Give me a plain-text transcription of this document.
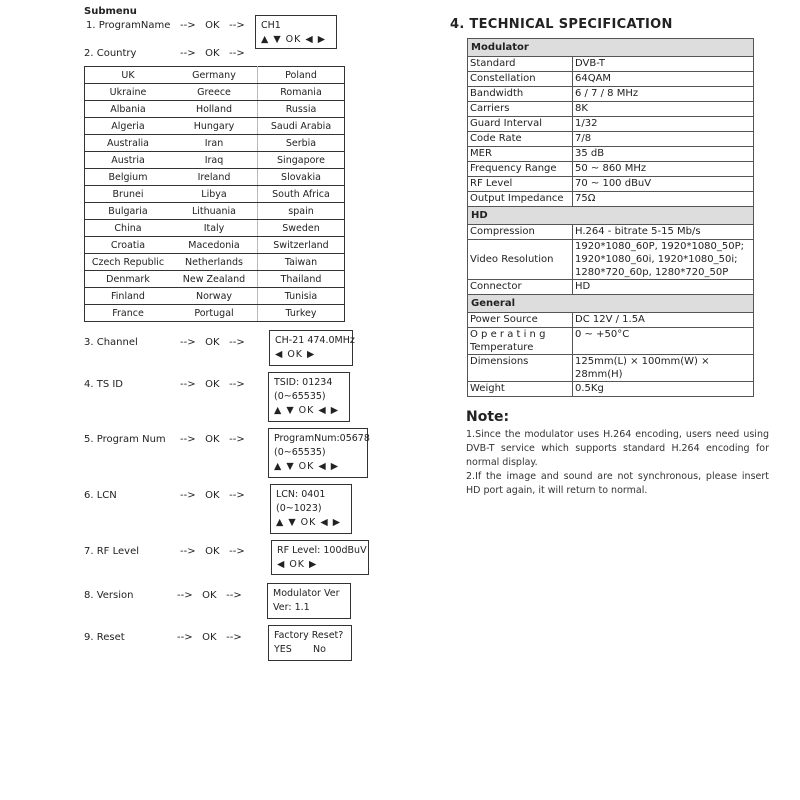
Submenu
1. ProgramName -->   OK   --> CH1
▲ ▼ OK ◀ ▶
2. Country	-->   OK   -->
UK	Germany	Poland
Ukraine	Greece	Romania
Albania	Holland	Russia
Algeria	Hungary	Saudi Arabia
Australia	Iran	Serbia
Austria	Iraq	Singapore
Belgium	Ireland	Slovakia
Brunei	Libya	South Africa
Bulgaria	Lithuania	spain
China	Italy	Sweden
Croatia	Macedonia	Switzerland
Czech Republic	Netherlands	Taiwan
Denmark	New Zealand	Thailand
Finland	Norway	Tunisia
France	Portugal	Turkey
3. Channel	-->   OK   -->	CH-21 474.0MHz
◀ OK ▶
4. TS ID	-->   OK   -->	TSID: 01234
(0~65535)
▲ ▼ OK ◀ ▶
5. Program Num -->   OK   -->	ProgramNum:05678
(0~65535)
▲ ▼ OK ◀ ▶
6. LCN	-->   OK   -->	LCN: 0401
(0~1023)
▲ ▼ OK ◀ ▶
7. RF Level	-->   OK   -->	RF Level: 100dBuV
◀ OK ▶
8. Version	-->   OK   -->	Modulator Ver
Ver: 1.1
9. Reset	-->   OK   -->	Factory Reset?
YES       No
4. TECHNICAL SPECIFICATION
Modulator	
Standard	DVB-T
Constellation	64QAM
Bandwidth	6 / 7 / 8 MHz
Carriers	8K
Guard Interval	1/32
Code Rate	7/8
MER	35 dB
Frequency Range	50 ~ 860 MHz
RF Level	70 ~ 100 dBuV
Output Impedance	75Ω
HD	
Compression	H.264 - bitrate 5-15 Mb/s
Video Resolution	1920*1080_60P, 1920*1080_50P;
1920*1080_60i, 1920*1080_50i;
1280*720_60p, 1280*720_50P
Connector	HD
General	
Power Source	DC 12V / 1.5A
O p e r a t i n g
Temperature	0 ~ +50°C
Dimensions	125mm(L) × 100mm(W) × 28mm(H)
Weight	0.5Kg
Note:
1.Since the modulator uses H.264 encoding, users need using DVB-T service which supports standard H.264 encoding for normal display.
2.If the image and sound are not synchronous, please insert HD port again, it will return to normal.
